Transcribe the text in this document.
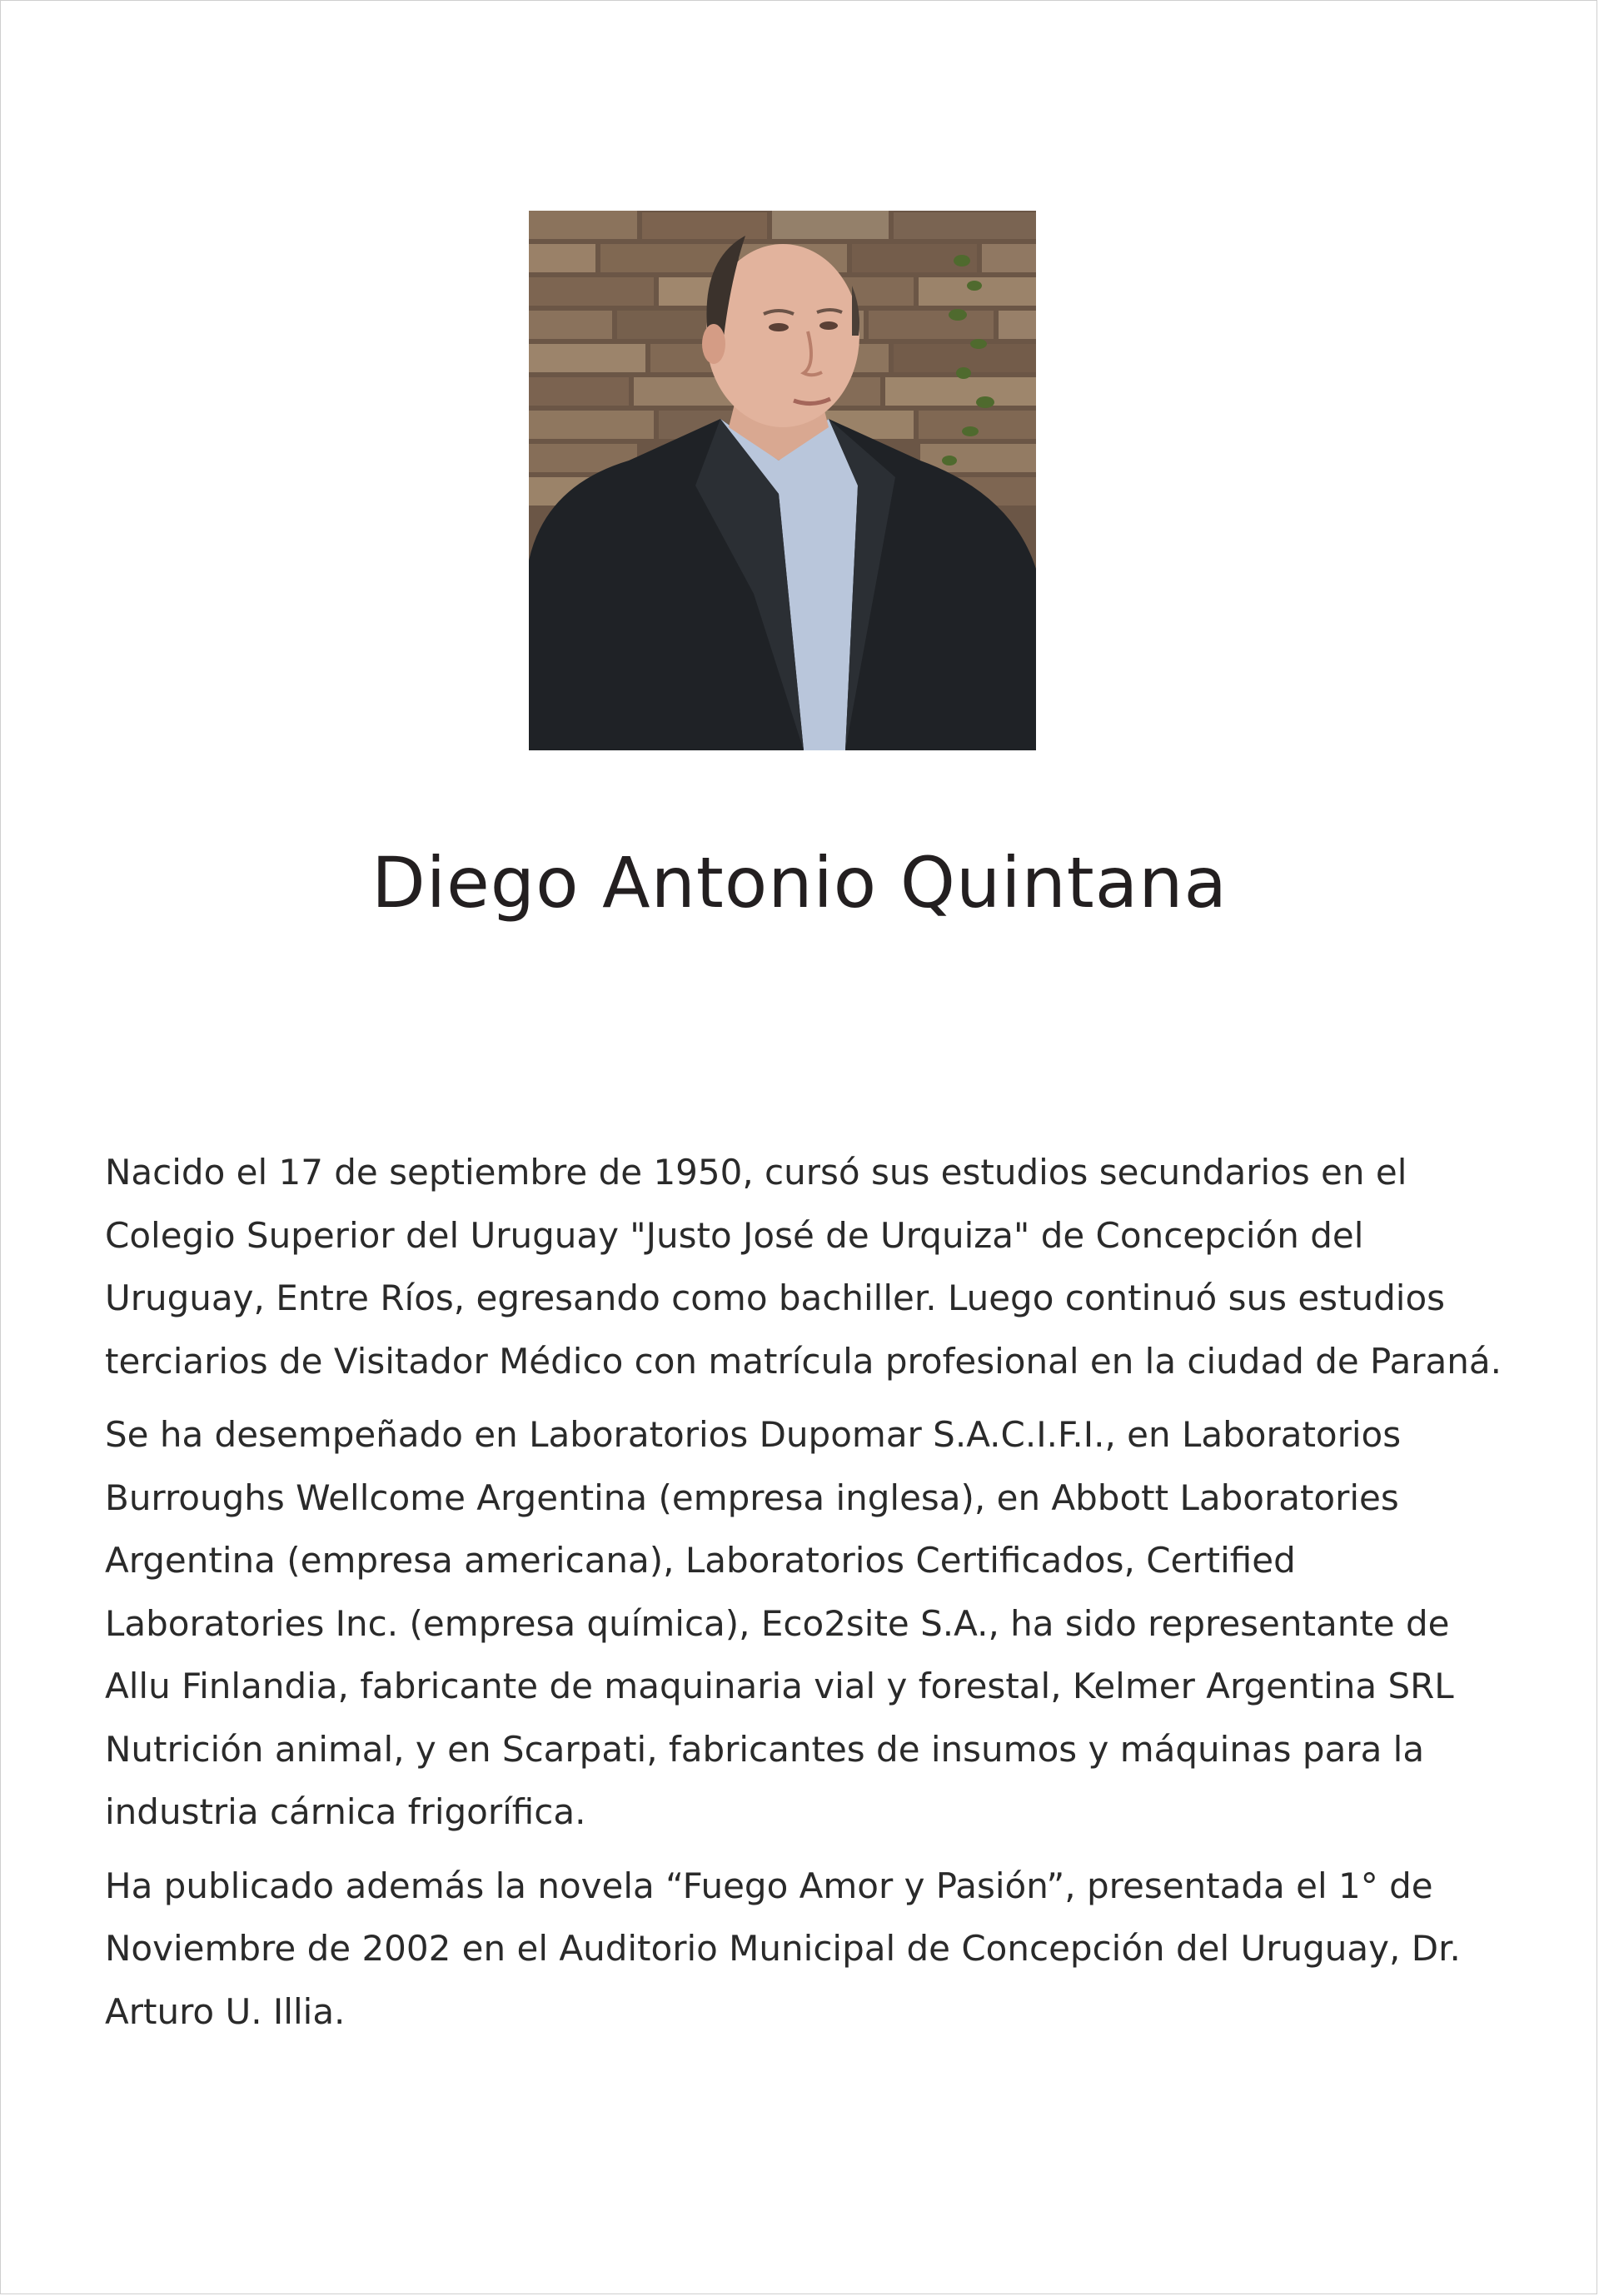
Diego Antonio Quintana

Nacido el 17 de septiembre de 1950, cursó sus estudios secundarios en el Colegio Superior del Uruguay "Justo José de Urquiza" de Concepción del Uruguay, Entre Ríos, egresando como bachiller. Luego continuó sus estudios terciarios de Visitador Médico con matrícula profesional en la ciudad de Paraná.

Se ha desempeñado en Laboratorios Dupomar S.A.C.I.F.I., en Laboratorios Burroughs Wellcome Argentina (empresa inglesa), en Abbott Laboratories Argentina (empresa americana), Laboratorios Certificados, Certified Laboratories Inc. (empresa química), Eco2site S.A., ha sido representante de Allu Finlandia, fabricante de maquinaria vial y forestal, Kelmer Argentina SRL Nutrición animal, y en Scarpati, fabricantes de insumos y máquinas para la industria cárnica frigorífica.

Ha publicado además la novela “Fuego Amor y Pasión”, presentada el 1° de Noviembre de 2002 en el Auditorio Municipal de Concepción del Uruguay, Dr. Arturo U. Illia.
